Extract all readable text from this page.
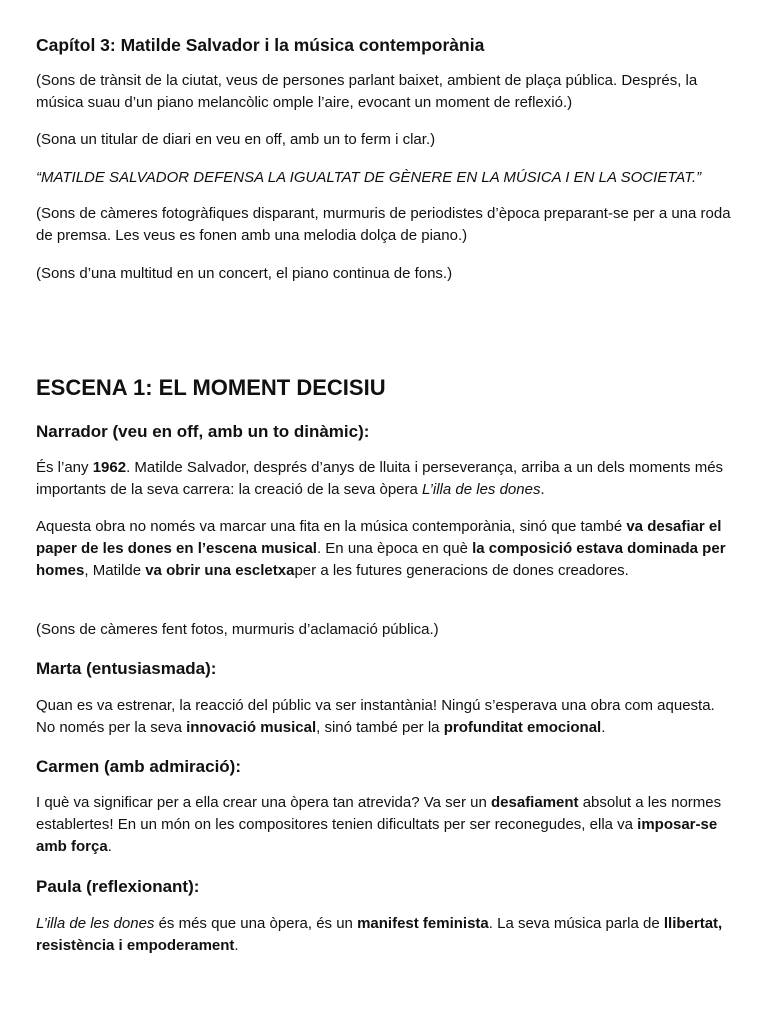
Capítol 3: Matilde Salvador i la música contemporània

(Sons de trànsit de la ciutat, veus de persones parlant baixet, ambient de plaça pública. Després, la música suau d’un piano melancòlic omple l’aire, evocant un moment de reflexió.)

(Sona un titular de diari en veu en off, amb un to ferm i clar.)

“MATILDE SALVADOR DEFENSA LA IGUALTAT DE GÈNERE EN LA MÚSICA I EN LA SOCIETAT.”

(Sons de càmeres fotogràfiques disparant, murmuris de periodistes d’època preparant-se per a una roda de premsa. Les veus es fonen amb una melodia dolça de piano.)

(Sons d’una multitud en un concert, el piano continua de fons.)

ESCENA 1: EL MOMENT DECISIU
Narrador (veu en off, amb un to dinàmic):

És l’any 1962. Matilde Salvador, després d’anys de lluita i perseverança, arriba a un dels moments més importants de la seva carrera: la creació de la seva òpera L’illa de les dones.

Aquesta obra no només va marcar una fita en la música contemporània, sinó que també va desafiar el paper de les dones en l’escena musical. En una època en què la composició estava dominada per homes, Matilde va obrir una escletxaper a les futures generacions de dones creadores.

(Sons de càmeres fent fotos, murmuris d’aclamació pública.)

Marta (entusiasmada):

Quan es va estrenar, la reacció del públic va ser instantània! Ningú s’esperava una obra com aquesta. No només per la seva innovació musical, sinó també per la profunditat emocional.

Carmen (amb admiració):

I què va significar per a ella crear una òpera tan atrevida? Va ser un desafiament absolut a les normes establertes! En un món on les compositores tenien dificultats per ser reconegudes, ella va imposar-se amb força.

Paula (reflexionant):

L’illa de les dones és més que una òpera, és un manifest feminista. La seva música parla de llibertat, resistència i empoderament.
